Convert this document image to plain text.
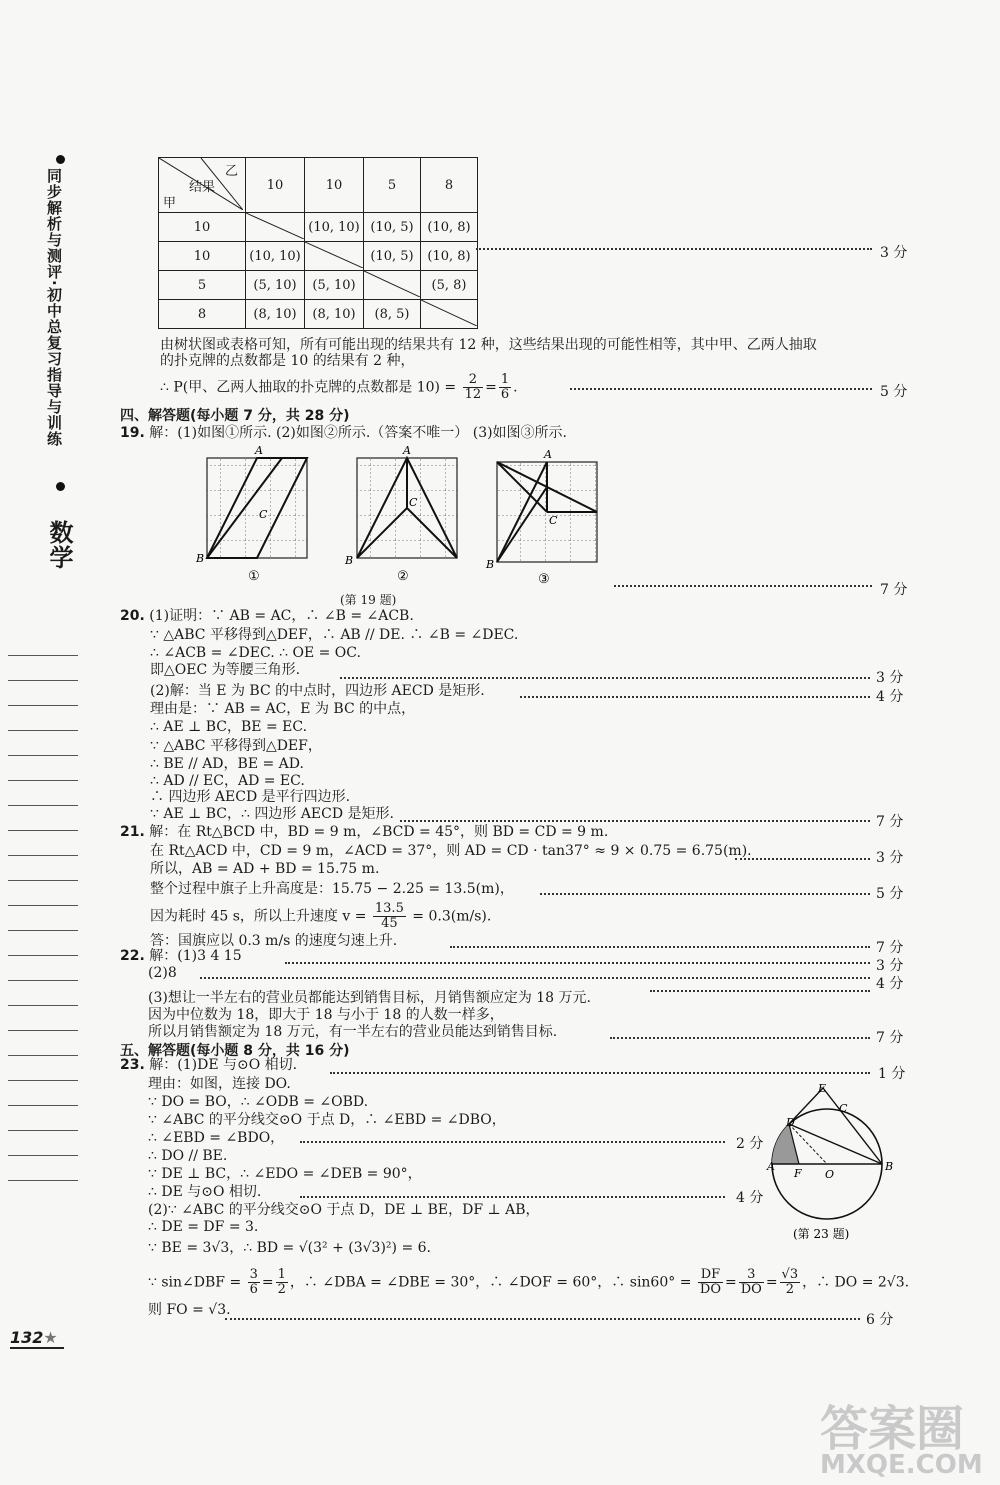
同步解析与测评·初中总复习指导与训练
数学
乙
结果
甲	10	10	5	8
10		(10, 10)	(10, 5)	(10, 8)
10	(10, 10)		(10, 5)	(10, 8)
5	(5, 10)	(5, 10)		(5, 8)
8	(8, 10)	(8, 10)	(8, 5)	
3 分
由树状图或表格可知，所有可能出现的结果共有 12 种，这些结果出现的可能性相等，其中甲、乙两人抽取
的扑克牌的点数都是 10 的结果有 2 种，
∴ P(甲、乙两人抽取的扑克牌的点数都是 $10) = \frac{2}{12} = \frac{1}{6}$ .	5 分
四、解答题(每小题 7 分，共 28 分)
19. 解：(1)如图①所示. (2)如图②所示.（答案不唯一） (3)如图③所示.
A
B
C
①
A
B
C
②
A
B
C
③
(第 19 题)
7 分
20. (1)证明：∵ AB = AC，∴ ∠B = ∠ACB.
∵ △ABC 平移得到△DEF，∴ AB // DE. ∴ ∠B = ∠DEC.
∴ ∠ACB = ∠DEC. ∴ OE = OC.
即△OEC 为等腰三角形.	3 分
(2)解：当 E 为 BC 的中点时，四边形 AECD 是矩形.	4 分
理由是：∵ AB = AC，E 为 BC 的中点，
∴ AE ⊥ BC，BE = EC.
∵ △ABC 平移得到△DEF，
∴ BE // AD，BE = AD.
∴ AD // EC，AD = EC.
∴ 四边形 AECD 是平行四边形.
∵ AE ⊥ BC，∴ 四边形 AECD 是矩形.	7 分
21. 解：在 Rt△BCD 中，BD = 9 m，∠BCD = 45°，则 BD = CD = 9 m.
在 Rt△ACD 中，CD = 9 m，∠ACD = 37°，则 AD = CD · tan37° ≈ 9 × 0.75 = 6.75(m).
所以，AB = AD + BD = 15.75 m.
3 分
整个过程中旗子上升高度是：15.75 − 2.25 = 13.5(m)，	5 分
因为耗时 45 s，所以上升速度 $v = \frac{13.5}{45} = 0.3(m/s)$.
答：国旗应以 0.3 m/s 的速度匀速上升.	7 分
22. 解：(1)3 4 15
(2)8	3 分
(3)想让一半左右的营业员都能达到销售目标，月销售额应定为 18 万元.
4 分
因为中位数为 18，即大于 18 与小于 18 的人数一样多，
所以月销售额定为 18 万元，有一半左右的营业员能达到销售目标.	7 分
五、解答题(每小题 8 分，共 16 分)
23. 解：(1)DE 与⊙O 相切.
1 分
理由：如图，连接 DO.
∵ DO = BO，∴ ∠ODB = ∠OBD.
∵ ∠ABC 的平分线交⊙O 于点 D，∴ ∠EBD = ∠DBO，
∴ ∠EBD = ∠BDO，	2 分
∴ DO // BE.
∵ DE ⊥ BC，∴ ∠EDO = ∠DEB = 90°，
∴ DE 与⊙O 相切.	4 分
(2)∵ ∠ABC 的平分线交⊙O 于点 D，DE ⊥ BE，DF ⊥ AB，
∴ DE = DF = 3.
∵ BE = 3√3，∴ BD = √(3² + (3√3)²) = 6.
∵ sin∠DBF = $\frac{3}{6} = \frac{1}{2}$ ，∴ ∠DBA = ∠DBE = 30°，∴ ∠DOF = 60°，∴ $\sin 60^\circ = \frac{DF}{DO} = \frac{3}{DO} = \frac{√3}{2}$ ，∴ DO = 2√3.
则 FO = √3.
6 分
E
C
D
A
F O
B
(第 23 题)
132★
答案圈
MXQE.COM
